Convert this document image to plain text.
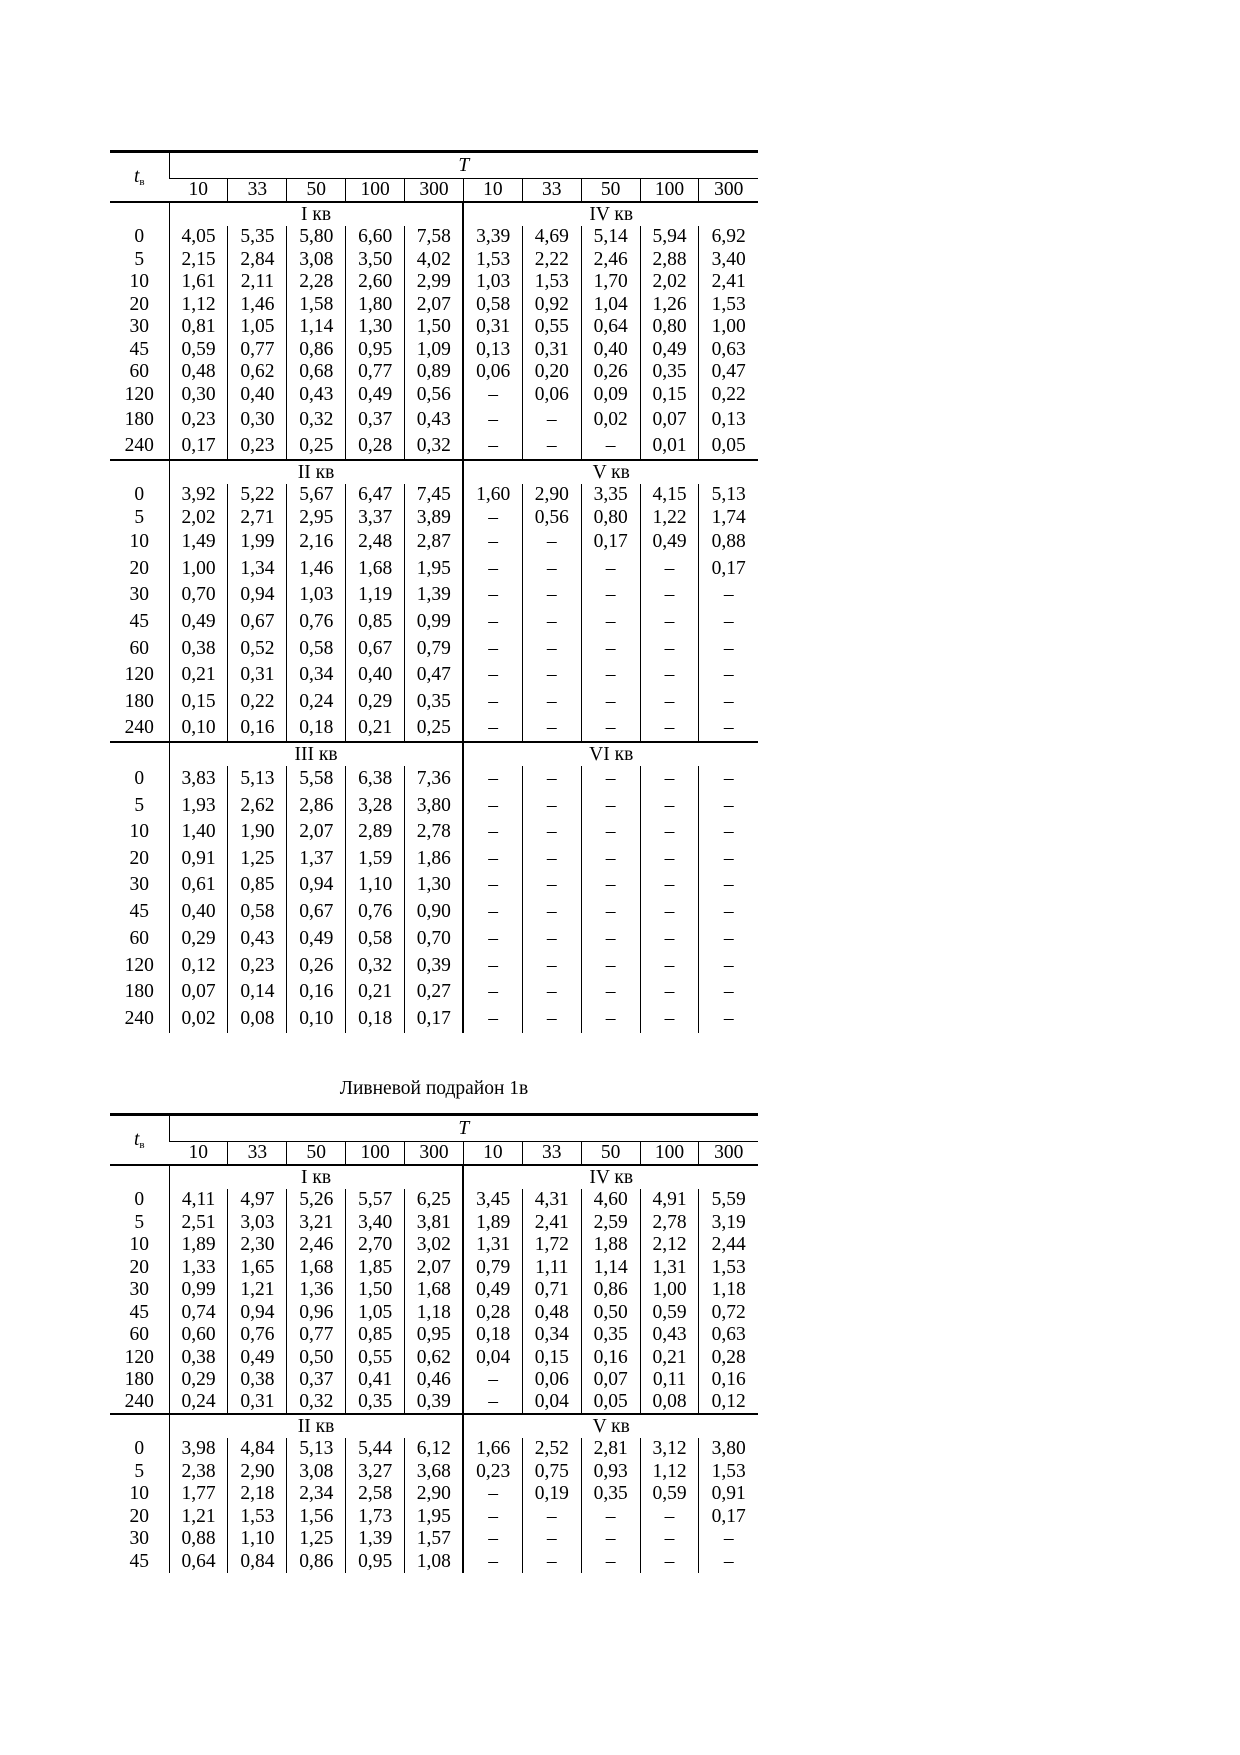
tв	T									
	10	33	50	100	300	10	33	50	100	300
	I кв					IV кв				
0	4,05	5,35	5,80	6,60	7,58	3,39	4,69	5,14	5,94	6,92
5	2,15	2,84	3,08	3,50	4,02	1,53	2,22	2,46	2,88	3,40
10	1,61	2,11	2,28	2,60	2,99	1,03	1,53	1,70	2,02	2,41
20	1,12	1,46	1,58	1,80	2,07	0,58	0,92	1,04	1,26	1,53
30	0,81	1,05	1,14	1,30	1,50	0,31	0,55	0,64	0,80	1,00
45	0,59	0,77	0,86	0,95	1,09	0,13	0,31	0,40	0,49	0,63
60	0,48	0,62	0,68	0,77	0,89	0,06	0,20	0,26	0,35	0,47
120	0,30	0,40	0,43	0,49	0,56	–	0,06	0,09	0,15	0,22
180	0,23	0,30	0,32	0,37	0,43	–	–	0,02	0,07	0,13
240	0,17	0,23	0,25	0,28	0,32	–	–	–	0,01	0,05
	II кв					V кв				
0	3,92	5,22	5,67	6,47	7,45	1,60	2,90	3,35	4,15	5,13
5	2,02	2,71	2,95	3,37	3,89	–	0,56	0,80	1,22	1,74
10	1,49	1,99	2,16	2,48	2,87	–	–	0,17	0,49	0,88
20	1,00	1,34	1,46	1,68	1,95	–	–	–	–	0,17
30	0,70	0,94	1,03	1,19	1,39	–	–	–	–	–
45	0,49	0,67	0,76	0,85	0,99	–	–	–	–	–
60	0,38	0,52	0,58	0,67	0,79	–	–	–	–	–
120	0,21	0,31	0,34	0,40	0,47	–	–	–	–	–
180	0,15	0,22	0,24	0,29	0,35	–	–	–	–	–
240	0,10	0,16	0,18	0,21	0,25	–	–	–	–	–
	III кв					VI кв				
0	3,83	5,13	5,58	6,38	7,36	–	–	–	–	–
5	1,93	2,62	2,86	3,28	3,80	–	–	–	–	–
10	1,40	1,90	2,07	2,89	2,78	–	–	–	–	–
20	0,91	1,25	1,37	1,59	1,86	–	–	–	–	–
30	0,61	0,85	0,94	1,10	1,30	–	–	–	–	–
45	0,40	0,58	0,67	0,76	0,90	–	–	–	–	–
60	0,29	0,43	0,49	0,58	0,70	–	–	–	–	–
120	0,12	0,23	0,26	0,32	0,39	–	–	–	–	–
180	0,07	0,14	0,16	0,21	0,27	–	–	–	–	–
240	0,02	0,08	0,10	0,18	0,17	–	–	–	–	–
Ливневой подрайон 1в
tв	T									
	10	33	50	100	300	10	33	50	100	300
	I кв					IV кв				
0	4,11	4,97	5,26	5,57	6,25	3,45	4,31	4,60	4,91	5,59
5	2,51	3,03	3,21	3,40	3,81	1,89	2,41	2,59	2,78	3,19
10	1,89	2,30	2,46	2,70	3,02	1,31	1,72	1,88	2,12	2,44
20	1,33	1,65	1,68	1,85	2,07	0,79	1,11	1,14	1,31	1,53
30	0,99	1,21	1,36	1,50	1,68	0,49	0,71	0,86	1,00	1,18
45	0,74	0,94	0,96	1,05	1,18	0,28	0,48	0,50	0,59	0,72
60	0,60	0,76	0,77	0,85	0,95	0,18	0,34	0,35	0,43	0,63
120	0,38	0,49	0,50	0,55	0,62	0,04	0,15	0,16	0,21	0,28
180	0,29	0,38	0,37	0,41	0,46	–	0,06	0,07	0,11	0,16
240	0,24	0,31	0,32	0,35	0,39	–	0,04	0,05	0,08	0,12
	II кв					V кв				
0	3,98	4,84	5,13	5,44	6,12	1,66	2,52	2,81	3,12	3,80
5	2,38	2,90	3,08	3,27	3,68	0,23	0,75	0,93	1,12	1,53
10	1,77	2,18	2,34	2,58	2,90	–	0,19	0,35	0,59	0,91
20	1,21	1,53	1,56	1,73	1,95	–	–	–	–	0,17
30	0,88	1,10	1,25	1,39	1,57	–	–	–	–	–
45	0,64	0,84	0,86	0,95	1,08	–	–	–	–	–
